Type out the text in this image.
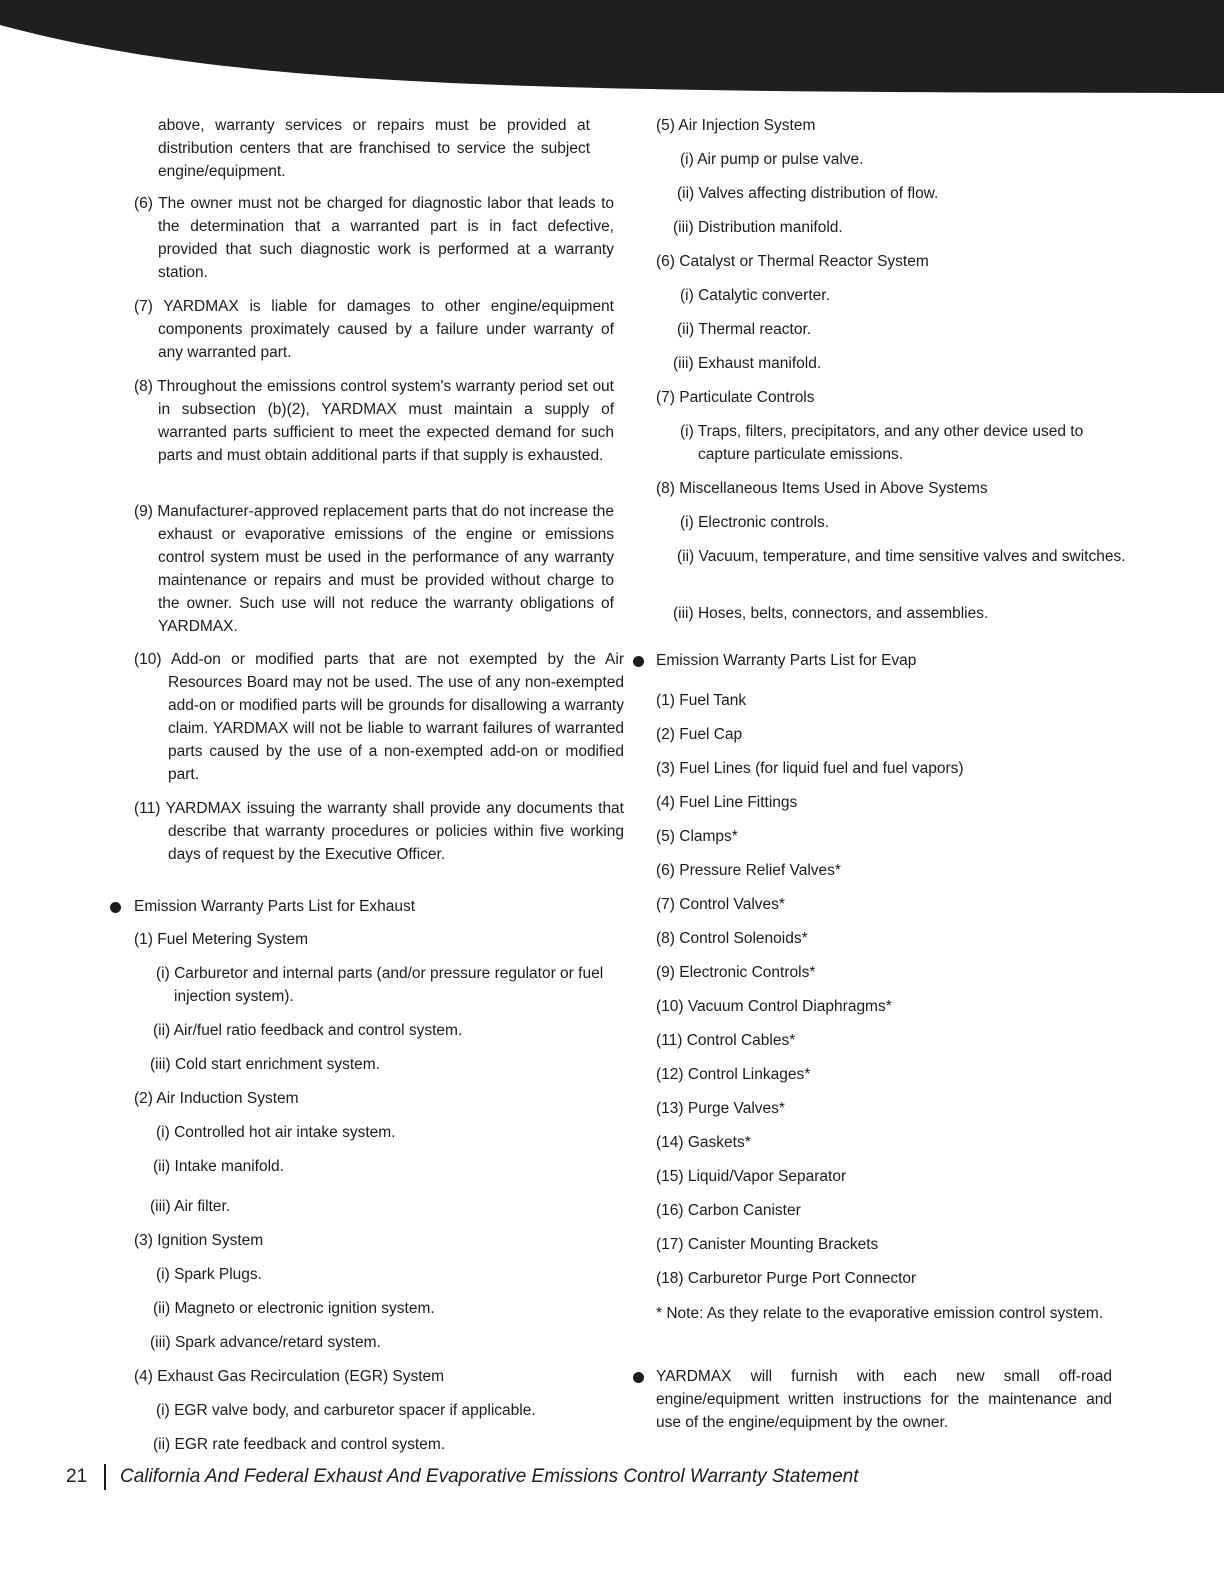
above, warranty services or repairs must be provided at distribution centers that are franchised to service the subject engine/equipment.

(6) The owner must not be charged for diagnostic labor that leads to the determination that a warranted part is in fact defective, provided that such diagnostic work is performed at a warranty station.

(7) YARDMAX is liable for damages to other engine/equipment components proximately caused by a failure under warranty of any warranted part.

(8) Throughout the emissions control system's warranty period set out in subsection (b)(2), YARDMAX must maintain a supply of warranted parts sufficient to meet the expected demand for such parts and must obtain additional parts if that supply is exhausted.

(9) Manufacturer-approved replacement parts that do not increase the exhaust or evaporative emissions of the engine or emissions control system must be used in the performance of any warranty maintenance or repairs and must be provided without charge to the owner. Such use will not reduce the warranty obligations of YARDMAX.

(10) Add-on or modified parts that are not exempted by the Air Resources Board may not be used. The use of any non-exempted add-on or modified parts will be grounds for disallowing a warranty claim. YARDMAX will not be liable to warrant failures of warranted parts caused by the use of a non-exempted add-on or modified part.

(11) YARDMAX issuing the warranty shall provide any documents that describe that warranty procedures or policies within five working days of request by the Executive Officer.

Emission Warranty Parts List for Exhaust

(1) Fuel Metering System

(i) Carburetor and internal parts (and/or pressure regulator or fuel injection system).

(ii) Air/fuel ratio feedback and control system.

(iii) Cold start enrichment system.

(2) Air Induction System

(i) Controlled hot air intake system.

(ii) Intake manifold.

(iii) Air filter.

(3) Ignition System

(i) Spark Plugs.

(ii) Magneto or electronic ignition system.

(iii) Spark advance/retard system.

(4) Exhaust Gas Recirculation (EGR) System

(i) EGR valve body, and carburetor spacer if applicable.

(ii) EGR rate feedback and control system.

(5) Air Injection System

(i) Air pump or pulse valve.

(ii) Valves affecting distribution of flow.

(iii) Distribution manifold.

(6) Catalyst or Thermal Reactor System

(i) Catalytic converter.

(ii) Thermal reactor.

(iii) Exhaust manifold.

(7) Particulate Controls

(i) Traps, filters, precipitators, and any other device used to capture particulate emissions.

(8) Miscellaneous Items Used in Above Systems

(i) Electronic controls.

(ii) Vacuum, temperature, and time sensitive valves and switches.

(iii) Hoses, belts, connectors, and assemblies.

Emission Warranty Parts List for Evap

(1) Fuel Tank

(2) Fuel Cap

(3) Fuel Lines (for liquid fuel and fuel vapors)

(4) Fuel Line Fittings

(5) Clamps*

(6) Pressure Relief Valves*

(7) Control Valves*

(8) Control Solenoids*

(9) Electronic Controls*

(10) Vacuum Control Diaphragms*

(11) Control Cables*

(12) Control Linkages*

(13) Purge Valves*

(14) Gaskets*

(15) Liquid/Vapor Separator

(16) Carbon Canister

(17) Canister Mounting Brackets

(18) Carburetor Purge Port Connector

* Note: As they relate to the evaporative emission control system.

YARDMAX will furnish with each new small off-road engine/equipment written instructions for the maintenance and use of the engine/equipment by the owner.

21 California And Federal Exhaust And Evaporative Emissions Control Warranty Statement
